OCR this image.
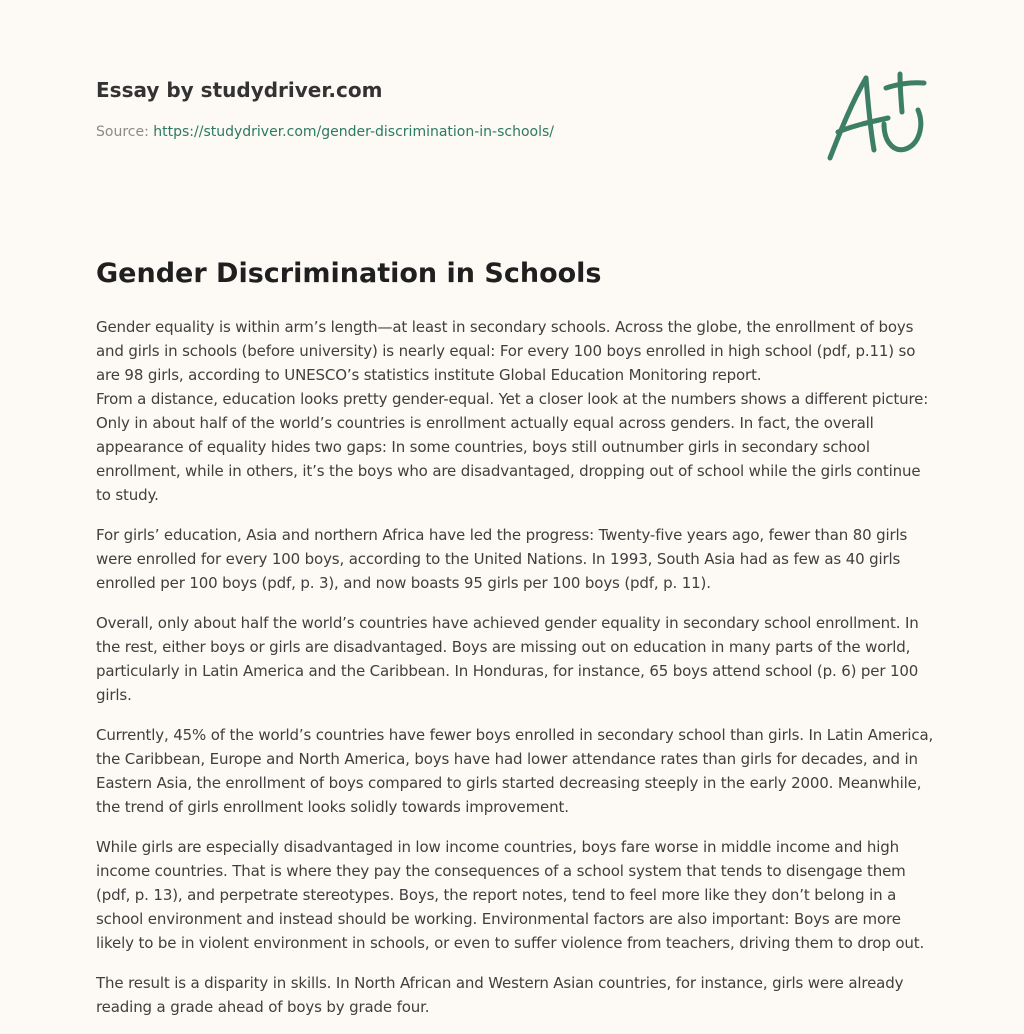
Essay by studydriver.com
Source: https://studydriver.com/gender-discrimination-in-schools/
Gender Discrimination in Schools

Gender equality is within arm’s length—at least in secondary schools. Across the globe, the enrollment of boys and girls in schools (before university) is nearly equal: For every 100 boys enrolled in high school (pdf, p.11) so are 98 girls, according to UNESCO’s statistics institute Global Education Monitoring report.

From a distance, education looks pretty gender-equal. Yet a closer look at the numbers shows a different picture: Only in about half of the world’s countries is enrollment actually equal across genders. In fact, the overall appearance of equality hides two gaps: In some countries, boys still outnumber girls in secondary school enrollment, while in others, it’s the boys who are disadvantaged, dropping out of school while the girls continue to study.

For girls’ education, Asia and northern Africa have led the progress: Twenty-five years ago, fewer than 80 girls were enrolled for every 100 boys, according to the United Nations. In 1993, South Asia had as few as 40 girls enrolled per 100 boys (pdf, p. 3), and now boasts 95 girls per 100 boys (pdf, p. 11).

Overall, only about half the world’s countries have achieved gender equality in secondary school enrollment. In the rest, either boys or girls are disadvantaged. Boys are missing out on education in many parts of the world, particularly in Latin America and the Caribbean. In Honduras, for instance, 65 boys attend school (p. 6) per 100 girls.

Currently, 45% of the world’s countries have fewer boys enrolled in secondary school than girls. In Latin America, the Caribbean, Europe and North America, boys have had lower attendance rates than girls for decades, and in Eastern Asia, the enrollment of boys compared to girls started decreasing steeply in the early 2000. Meanwhile, the trend of girls enrollment looks solidly towards improvement.

While girls are especially disadvantaged in low income countries, boys fare worse in middle income and high income countries. That is where they pay the consequences of a school system that tends to disengage them (pdf, p. 13), and perpetrate stereotypes. Boys, the report notes, tend to feel more like they don’t belong in a school environment and instead should be working. Environmental factors are also important: Boys are more likely to be in violent environment in schools, or even to suffer violence from teachers, driving them to drop out.

The result is a disparity in skills. In North African and Western Asian countries, for instance, girls were already reading a grade ahead of boys by grade four.
